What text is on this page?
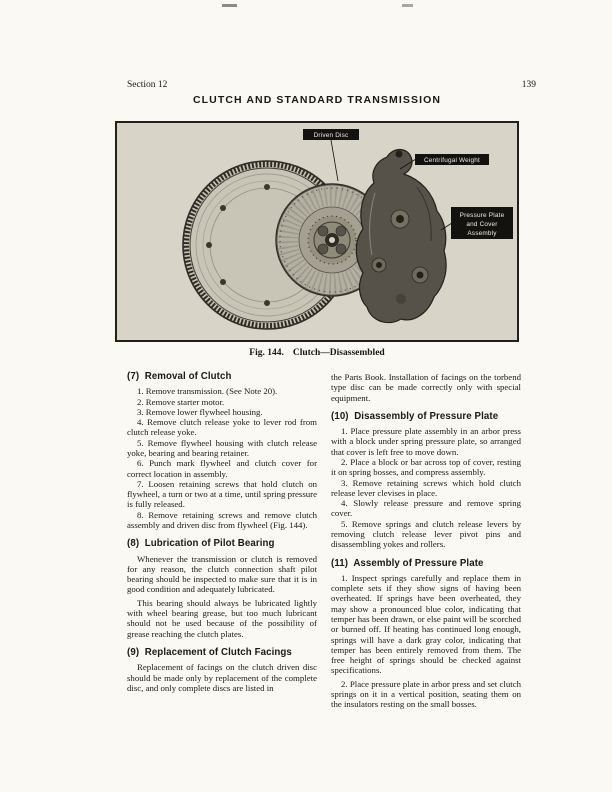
Section 12	139
CLUTCH AND STANDARD TRANSMISSION
Driven Disc
Centrifugal Weight
Pressure Plate
and Cover
Assembly
Fig. 144. Clutch—Disassembled
(7)  Removal of Clutch

1. Remove transmission. (See Note 20).

2. Remove starter motor.

3. Remove lower flywheel housing.

4. Remove clutch release yoke to lever rod from clutch release yoke.

5. Remove flywheel housing with clutch release yoke, bearing and bearing retainer.

6. Punch mark flywheel and clutch cover for correct location in assembly.

7. Loosen retaining screws that hold clutch on flywheel, a turn or two at a time, until spring pressure is fully released.

8. Remove retaining screws and remove clutch assembly and driven disc from flywheel (Fig. 144).

(8)  Lubrication of Pilot Bearing

Whenever the transmission or clutch is removed for any reason, the clutch connection shaft pilot bearing should be inspected to make sure that it is in good condition and adequately lubricated.

This bearing should always be lubricated lightly with wheel bearing grease, but too much lubricant should not be used because of the possibility of grease reaching the clutch plates.

(9)  Replacement of Clutch Facings

Replacement of facings on the clutch driven disc should be made only by replacement of the complete disc, and only complete discs are listed in

the Parts Book. Installation of facings on the torbend type disc can be made correctly only with special equipment.

(10)  Disassembly of Pressure Plate

1. Place pressure plate assembly in an arbor press with a block under spring pressure plate, so arranged that cover is left free to move down.

2. Place a block or bar across top of cover, resting it on spring bosses, and compress assembly.

3. Remove retaining screws which hold clutch release lever clevises in place.

4. Slowly release pressure and remove spring cover.

5. Remove springs and clutch release levers by removing clutch release lever pivot pins and disassembling yokes and rollers.

(11)  Assembly of Pressure Plate

1. Inspect springs carefully and replace them in complete sets if they show signs of having been overheated. If springs have been overheated, they may show a pronounced blue color, indicating that temper has been drawn, or else paint will be scorched or burned off. If heating has continued long enough, springs will have a dark gray color, indicating that temper has been entirely removed from them. The free height of springs should be checked against specifications.

2. Place pressure plate in arbor press and set clutch springs on it in a vertical position, seating them on the insulators resting on the small bosses.
